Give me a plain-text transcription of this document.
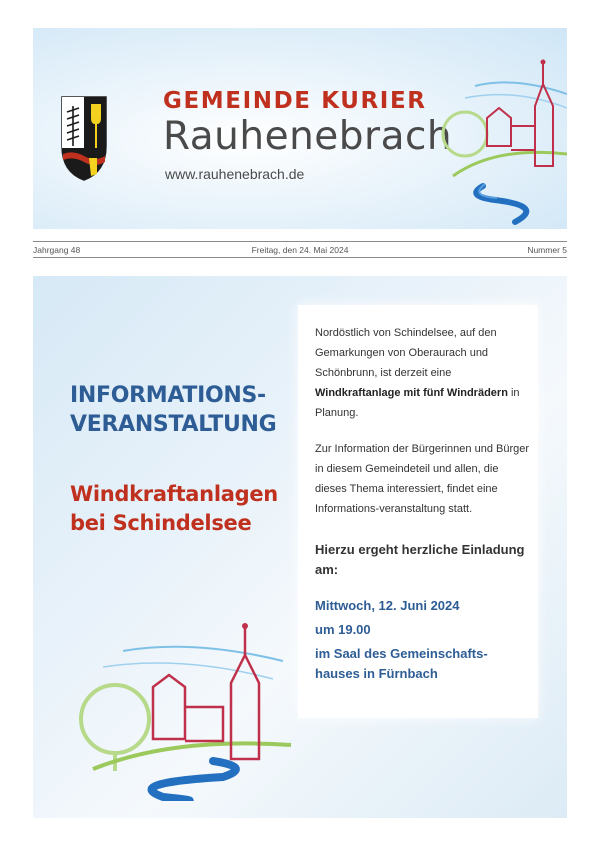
GEMEINDE KURIER
Rauhenebrach
www.rauhenebrach.de
Jahrgang 48	Freitag, den 24. Mai 2024	Nummer 5
INFORMATIONS-
VERANSTALTUNG
Windkraftanlagen
bei Schindelsee

Nordöstlich von Schindelsee, auf den Gemarkungen von Oberaurach und Schönbrunn, ist derzeit eine Windkraftanlage mit fünf Windrädern in Planung.

Zur Information der Bürgerinnen und Bürger in diesem Gemeindeteil und allen, die dieses Thema interessiert, findet eine Informations-veranstaltung statt.

Hierzu ergeht herzliche Einladung am:

Mittwoch, 12. Juni 2024

um 19.00

im Saal des Gemeinschafts-hauses in Fürnbach
